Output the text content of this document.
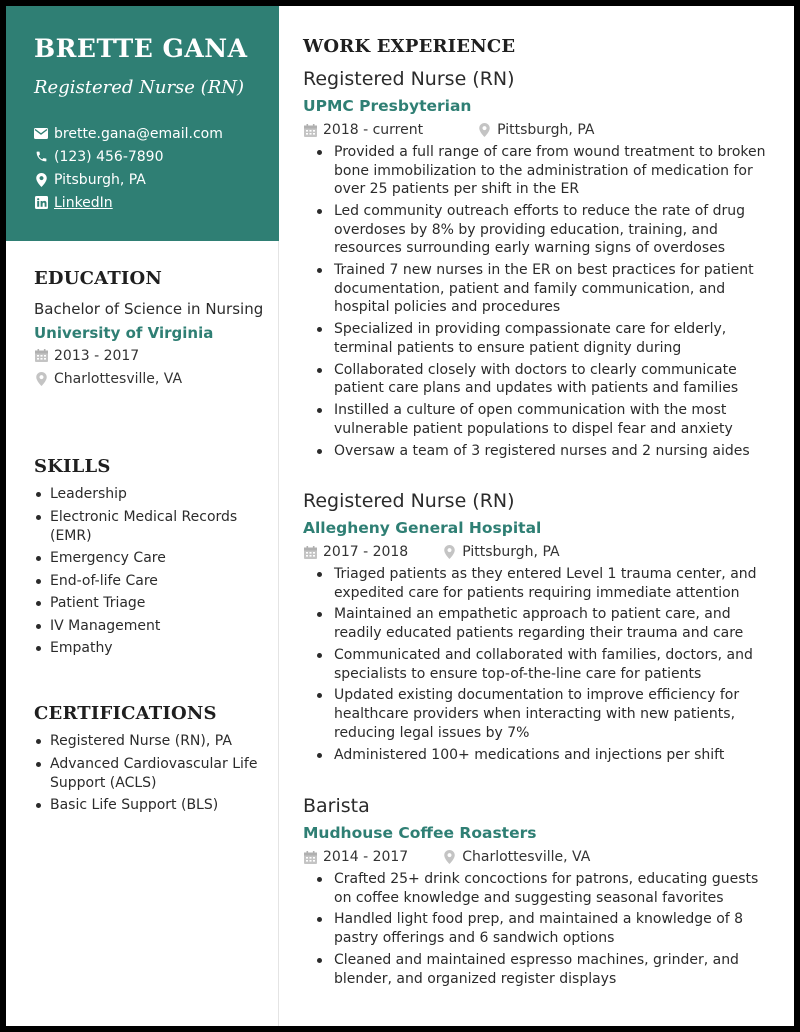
BRETTE GANA
Registered Nurse (RN)
brette.gana@email.com
(123) 456-7890
Pitsburgh, PA
LinkedIn
EDUCATION
Bachelor of Science in Nursing
University of Virginia
2013 - 2017
Charlottesville, VA
SKILLS
Leadership
Electronic Medical Records (EMR)
Emergency Care
End-of-life Care
Patient Triage
IV Management
Empathy
CERTIFICATIONS
Registered Nurse (RN), PA
Advanced Cardiovascular Life Support (ACLS)
Basic Life Support (BLS)
WORK EXPERIENCE
Registered Nurse (RN)
UPMC Presbyterian
2018 - current	Pittsburgh, PA
Provided a full range of care from wound treatment to broken bone immobilization to the administration of medication for over 25 patients per shift in the ER
Led community outreach efforts to reduce the rate of drug overdoses by 8% by providing education, training, and resources surrounding early warning signs of overdoses
Trained 7 new nurses in the ER on best practices for patient documentation, patient and family communication, and hospital policies and procedures
Specialized in providing compassionate care for elderly, terminal patients to ensure patient dignity during
Collaborated closely with doctors to clearly communicate patient care plans and updates with patients and families
Instilled a culture of open communication with the most vulnerable patient populations to dispel fear and anxiety
Oversaw a team of 3 registered nurses and 2 nursing aides
Registered Nurse (RN)
Allegheny General Hospital
2017 - 2018	Pittsburgh, PA
Triaged patients as they entered Level 1 trauma center, and expedited care for patients requiring immediate attention
Maintained an empathetic approach to patient care, and readily educated patients regarding their trauma and care
Communicated and collaborated with families, doctors, and specialists to ensure top-of-the-line care for patients
Updated existing documentation to improve efficiency for healthcare providers when interacting with new patients, reducing legal issues by 7%
Administered 100+ medications and injections per shift
Barista
Mudhouse Coffee Roasters
2014 - 2017	Charlottesville, VA
Crafted 25+ drink concoctions for patrons, educating guests on coffee knowledge and suggesting seasonal favorites
Handled light food prep, and maintained a knowledge of 8 pastry offerings and 6 sandwich options
Cleaned and maintained espresso machines, grinder, and blender, and organized register displays
